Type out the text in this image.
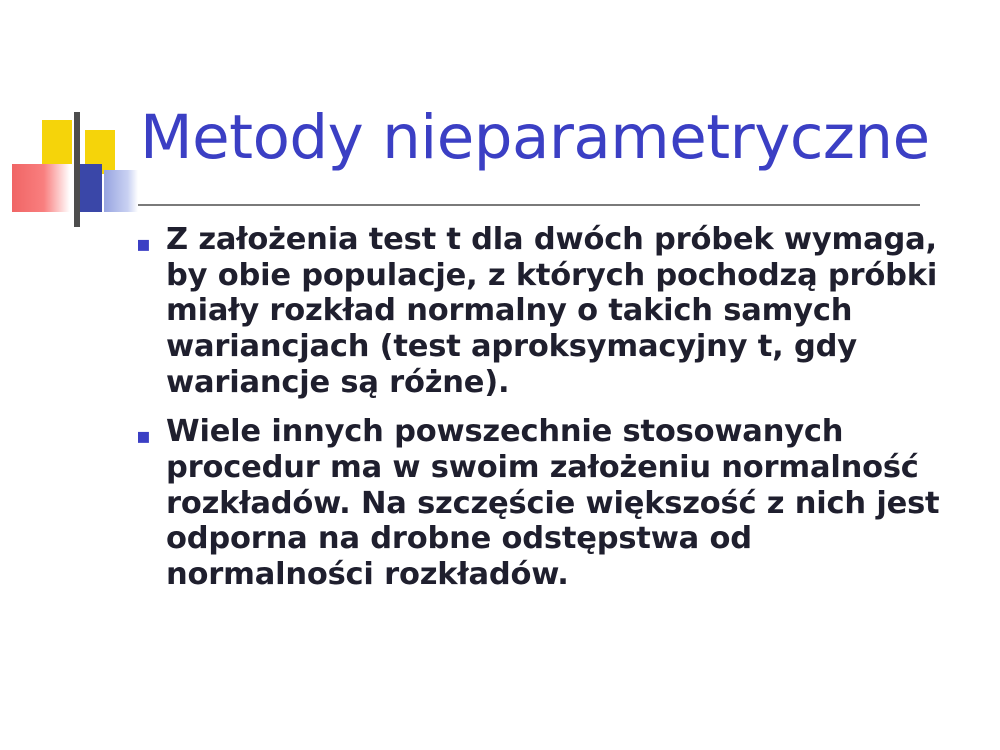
Metody nieparametryczne
▪ Z założenia test t dla dwóch próbek wymaga, by obie populacje, z których pochodzą próbki miały rozkład normalny o takich samych wariancjach (test aproksymacyjny t, gdy wariancje są różne).
▪ Wiele innych powszechnie stosowanych procedur ma w swoim założeniu normalność rozkładów. Na szczęście większość z nich jest odporna na drobne odstępstwa od normalności rozkładów.
